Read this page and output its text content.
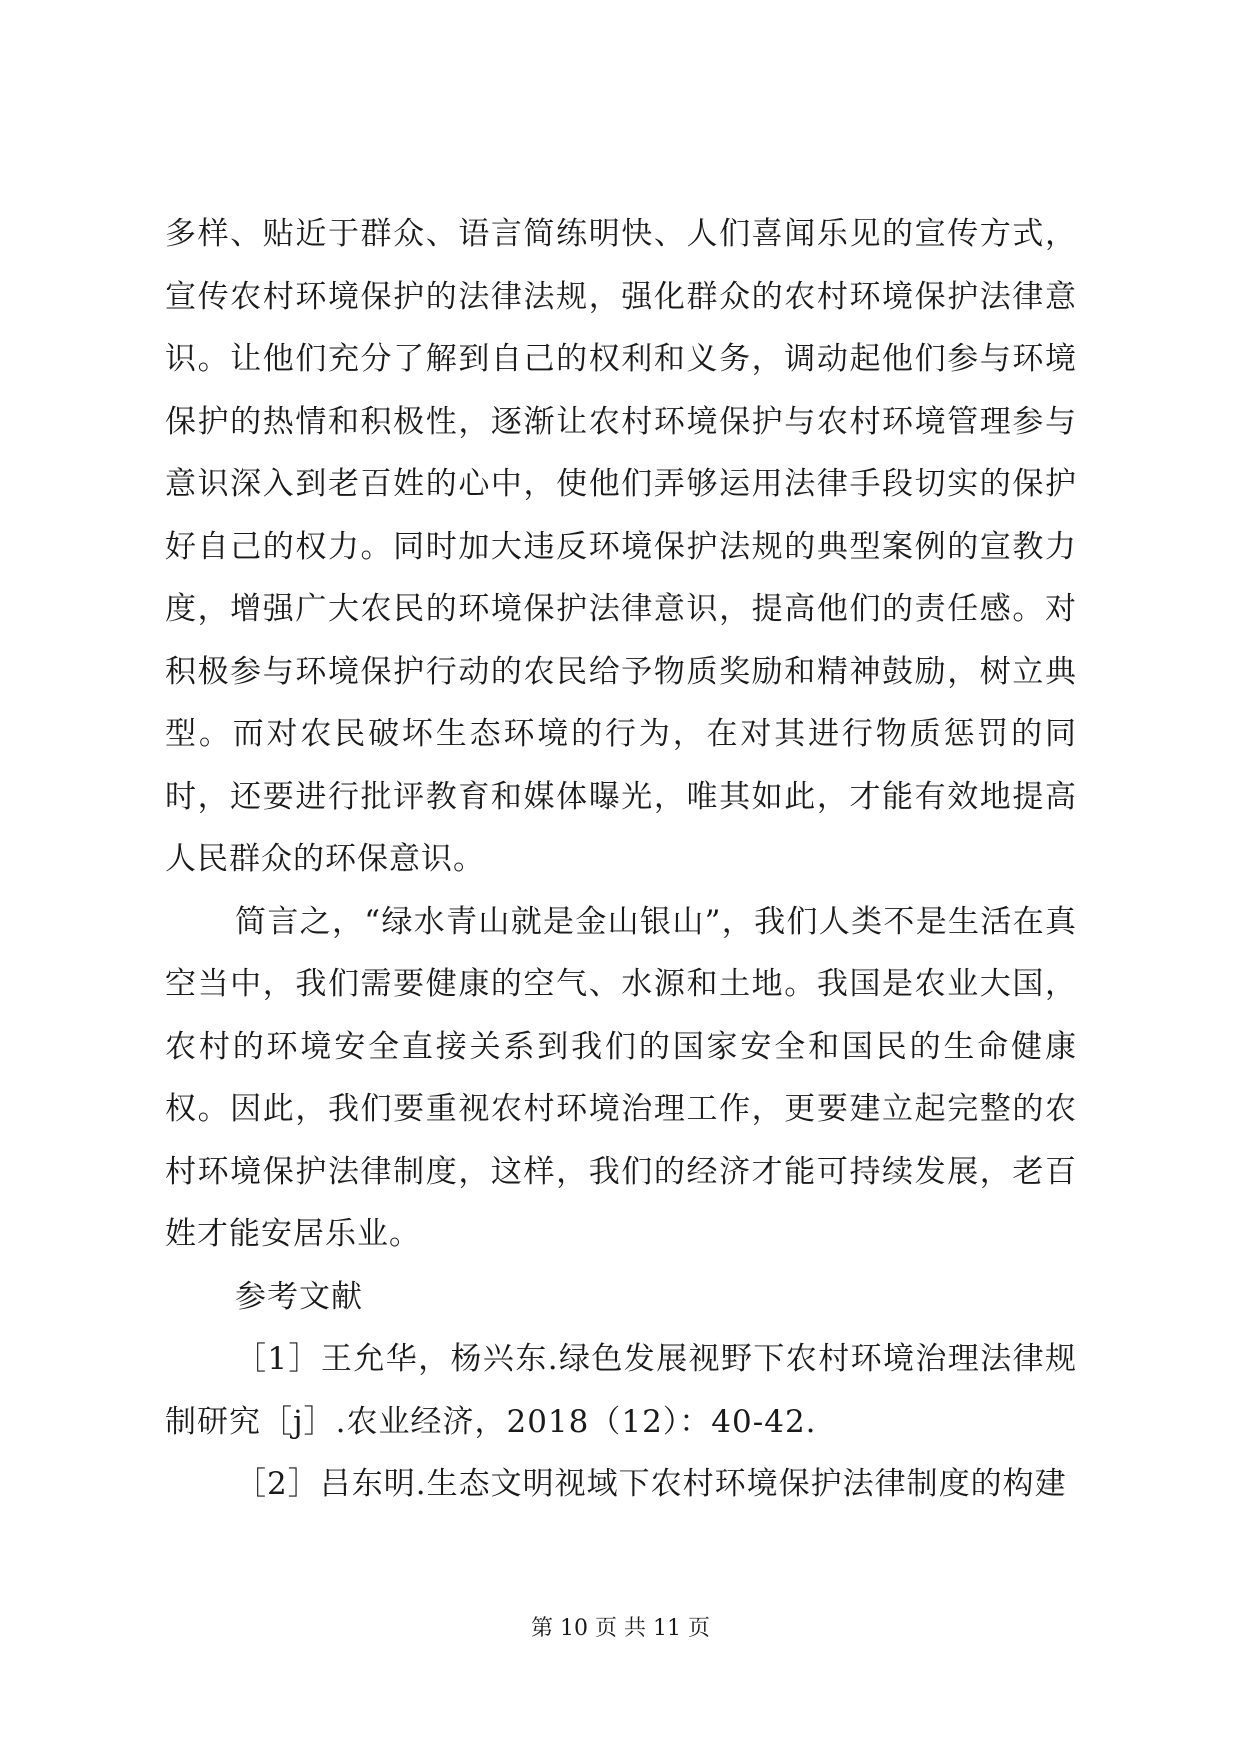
多样、贴近于群众、语言简练明快、人们喜闻乐见的宣传方式，宣传农村环境保护的法律法规，强化群众的农村环境保护法律意识。让他们充分了解到自己的权利和义务，调动起他们参与环境保护的热情和积极性，逐渐让农村环境保护与农村环境管理参与意识深入到老百姓的心中，使他们弄够运用法律手段切实的保护好自己的权力。同时加大违反环境保护法规的典型案例的宣教力度，增强广大农民的环境保护法律意识，提高他们的责任感。对积极参与环境保护行动的农民给予物质奖励和精神鼓励，树立典型。而对农民破坏生态环境的行为，在对其进行物质惩罚的同时，还要进行批评教育和媒体曝光，唯其如此，才能有效地提高人民群众的环保意识。

简言之，“绿水青山就是金山银山”，我们人类不是生活在真空当中，我们需要健康的空气、水源和土地。我国是农业大国，农村的环境安全直接关系到我们的国家安全和国民的生命健康权。因此，我们要重视农村环境治理工作，更要建立起完整的农村环境保护法律制度，这样，我们的经济才能可持续发展，老百姓才能安居乐业。

参考文献

［1］王允华，杨兴东.绿色发展视野下农村环境治理法律规制研究［j］.农业经济，2018（12）：40-42.

［2］吕东明.生态文明视域下农村环境保护法律制度的构建

第 10 页 共 11 页
